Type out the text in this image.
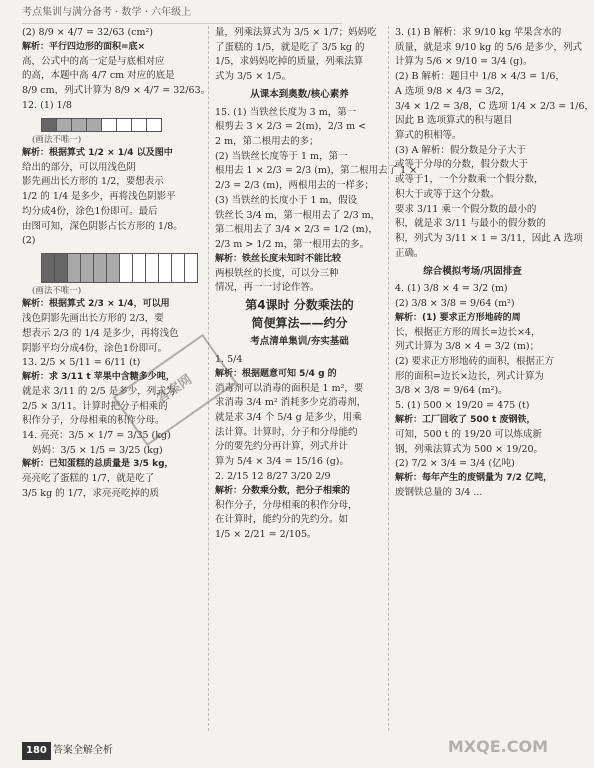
考点集训与满分备考 · 数学 · 六年级上
(2) 8/9 × 4/7 = 32/63 (cm²)
解析：平行四边形的面积=底×
高，公式中的高一定是与底相对应
的高，本题中高 4/7 cm 对应的底是
8/9 cm，列式计算为 8/9 × 4/7 = 32/63。
12. (1) 1/8
(画法不唯一)
解析：根据算式 1/2 × 1/4 以及图中
给出的部分，可以用浅色阴
影先画出长方形的 1/2，要想表示
1/2 的 1/4 是多少，再将浅色阴影平
均分成4份，涂色1份即可。最后
由图可知，深色阴影占长方形的 1/8。
(2)
(画法不唯一)
解析：根据算式 2/3 × 1/4，可以用
浅色阴影先画出长方形的 2/3，要
想表示 2/3 的 1/4 是多少，再将浅色
阴影平均分成4份，涂色1份即可。
13. 2/5 × 5/11 = 6/11 (t)
解析：求 3/11 t 苹果中含糖多少吨，
就是求 3/11 的 2/5 是多少，列式为
2/5 × 3/11。计算时把分子相乘的
积作分子，分母相乘的积作分母。
14. 亮亮：3/5 × 1/7 = 3/35 (kg)
妈妈：3/5 × 1/5 = 3/25 (kg)
解析：已知蛋糕的总质量是 3/5 kg，
亮亮吃了蛋糕的 1/7，就是吃了
3/5 kg 的 1/7，求亮亮吃掉的质
量，列乘法算式为 3/5 × 1/7；妈妈吃
了蛋糕的 1/5，就是吃了 3/5 kg 的
1/5，求妈妈吃掉的质量，列乘法算
式为 3/5 × 1/5。
从课本到奥数/核心素养
15. (1) 当铁丝长度为 3 m，第一
根剪去 3 × 2/3 = 2(m)，2/3 m <
2 m，第二根用去的多；
(2) 当铁丝长度等于 1 m，第一
根用去 1 × 2/3 = 2/3 (m)，第二根用去了 1 ×
2/3 = 2/3 (m)，两根用去的一样多；
(3) 当铁丝的长度小于 1 m，假设
铁丝长 3/4 m，第一根用去了 2/3 m，
第二根用去了 3/4 × 2/3 = 1/2 (m)，
2/3 m > 1/2 m，第一根用去的多。
解析：铁丝长度未知时不能比较
两根铁丝的长度，可以分三种
情况，再一一讨论作答。
第4课时 分数乘法的
简便算法——约分
考点清单集训/夯实基础
1. 5/4
解析：根据题意可知 5/4 g 的
消毒剂可以消毒的面积是 1 m²，要
求消毒 3/4 m² 消耗多少克消毒剂，
就是求 3/4 个 5/4 g 是多少，用乘
法计算。计算时，分子和分母能约
分的要先约分再计算，列式并计
算为 5/4 × 3/4 = 15/16 (g)。
2. 2/15 12 8/27 3/20 2/9
解析：分数乘分数，把分子相乘的
积作分子，分母相乘的积作分母，
在计算时，能约分的先约分。如
1/5 × 2/21 = 2/105。
3. (1) B 解析：求 9/10 kg 苹果含水的
质量，就是求 9/10 kg 的 5/6 是多少，列式
计算为 5/6 × 9/10 = 3/4 (g)。
(2) B 解析：题目中 1/8 × 4/3 = 1/6，
A 选项 9/8 × 4/3 = 3/2，
3/4 × 1/2 = 3/8，C 选项 1/4 × 2/3 = 1/6，
因此 B 选项算式的积与题目
算式的积相等。
(3) A 解析：假分数是分子大于
或等于分母的分数，假分数大于
或等于1，一个分数乘一个假分数，
积大于或等于这个分数。
要求 3/11 乘一个假分数的最小的
积，就是求 3/11 与最小的假分数的
积，列式为 3/11 × 1 = 3/11，因此 A 选项
正确。
综合模拟考场/巩固排查
4. (1) 3/8 × 4 = 3/2 (m)
(2) 3/8 × 3/8 = 9/64 (m²)
解析：(1) 要求正方形地砖的周
长，根据正方形的周长=边长×4，
列式计算为 3/8 × 4 = 3/2 (m)；
(2) 要求正方形地砖的面积，根据正方
形的面积=边长×边长，列式计算为
3/8 × 3/8 = 9/64 (m²)。
5. (1) 500 × 19/20 = 475 (t)
解析：工厂回收了 500 t 废钢铁，
可知，500 t 的 19/20 可以炼成新
钢，列乘法算式为 500 × 19/20。
(2) 7/2 × 3/4 = 3/4 (亿吨)
解析：每年产生的废钢量为 7/2 亿吨，
废钢铁总量的 3/4 ...
答案网
180 答案全解全析	MXQE.COM
